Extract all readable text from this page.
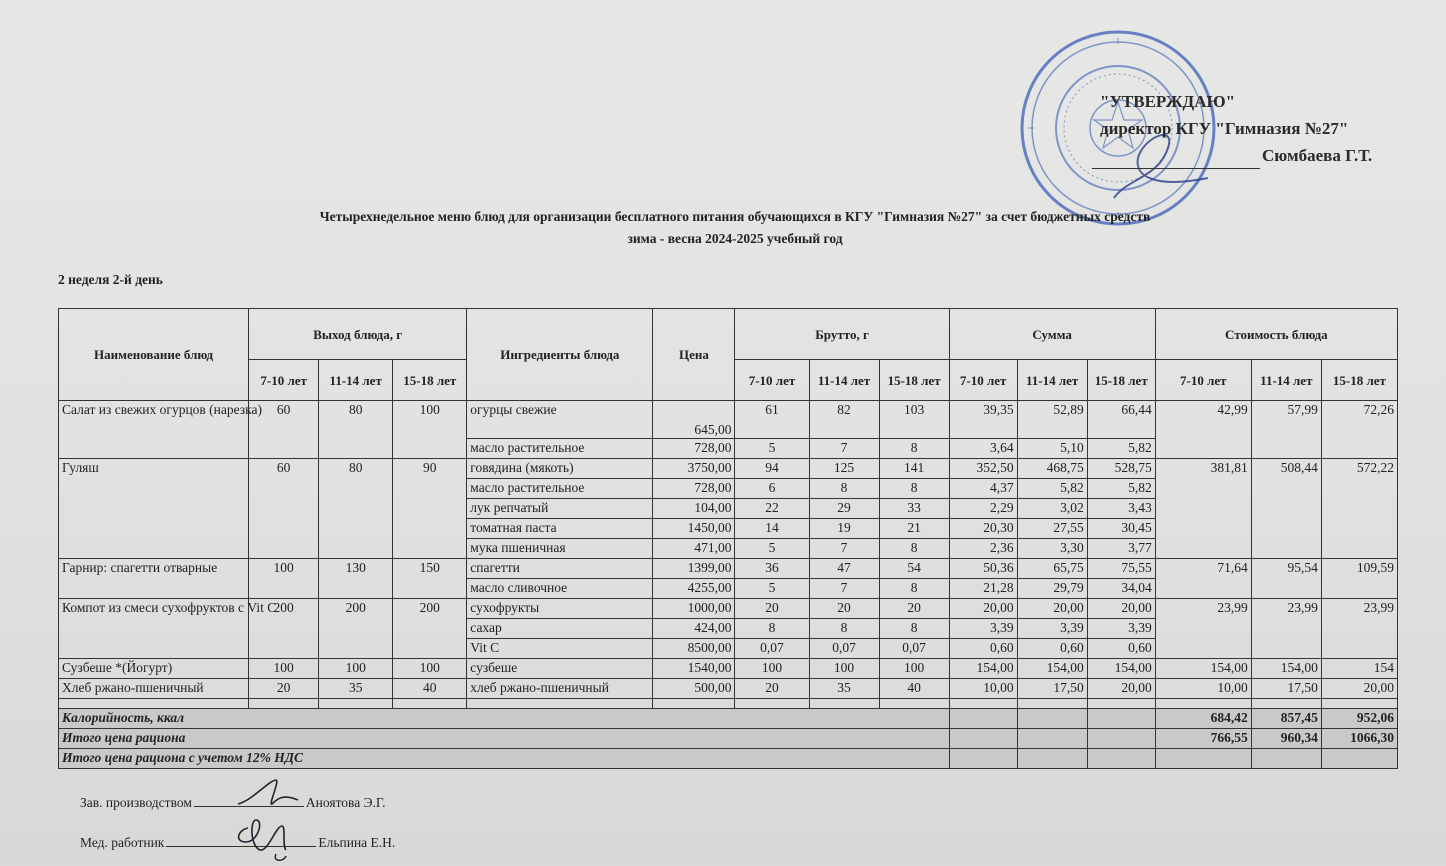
"УТВЕРЖДАЮ"
директор КГУ "Гимназия №27"
Сюмбаева Г.Т.
Четырехнедельное меню блюд для организации бесплатного питания обучающихся в КГУ "Гимназия №27" за счет бюджетных средств
зима - весна 2024-2025 учебный год
2 неделя 2-й день
Наименование блюд	Выход блюда, г			Ингредиенты блюда	Цена	Брутто, г			Сумма			Стоимость блюда		
	7-10 лет	11-14 лет	15-18 лет			7-10 лет	11-14 лет	15-18 лет	7-10 лет	11-14 лет	15-18 лет	7-10 лет	11-14 лет	15-18 лет
Салат из свежих огурцов (нарезка)	60	80	100	огурцы свежие	645,00	61	82	103	39,35	52,89	66,44	42,99	57,99	72,26
				масло растительное	728,00	5	7	8	3,64	5,10	5,82			
Гуляш	60	80	90	говядина (мякоть)	3750,00	94	125	141	352,50	468,75	528,75	381,81	508,44	572,22
				масло растительное	728,00	6	8	8	4,37	5,82	5,82			
				лук репчатый	104,00	22	29	33	2,29	3,02	3,43			
				томатная паста	1450,00	14	19	21	20,30	27,55	30,45			
				мука пшеничная	471,00	5	7	8	2,36	3,30	3,77			
Гарнир: спагетти отварные	100	130	150	спагетти	1399,00	36	47	54	50,36	65,75	75,55	71,64	95,54	109,59
				масло сливочное	4255,00	5	7	8	21,28	29,79	34,04			
Компот из смеси сухофруктов с Vit C	200	200	200	сухофрукты	1000,00	20	20	20	20,00	20,00	20,00	23,99	23,99	23,99
				сахар	424,00	8	8	8	3,39	3,39	3,39			
				Vit C	8500,00	0,07	0,07	0,07	0,60	0,60	0,60			
Сузбеше *(Йогурт)	100	100	100	сузбеше	1540,00	100	100	100	154,00	154,00	154,00	154,00	154,00	154
Хлеб ржано-пшеничный	20	35	40	хлеб ржано-пшеничный	500,00	20	35	40	10,00	17,50	20,00	10,00	17,50	20,00

Калорийность, ккал												684,42	857,45	952,06
Итого цена рациона												766,55	960,34	1066,30
Итого цена рациона с учетом 12% НДС														
Зав. производством	Аноятова Э.Г.
Мед. работник	Ельпина Е.Н.
